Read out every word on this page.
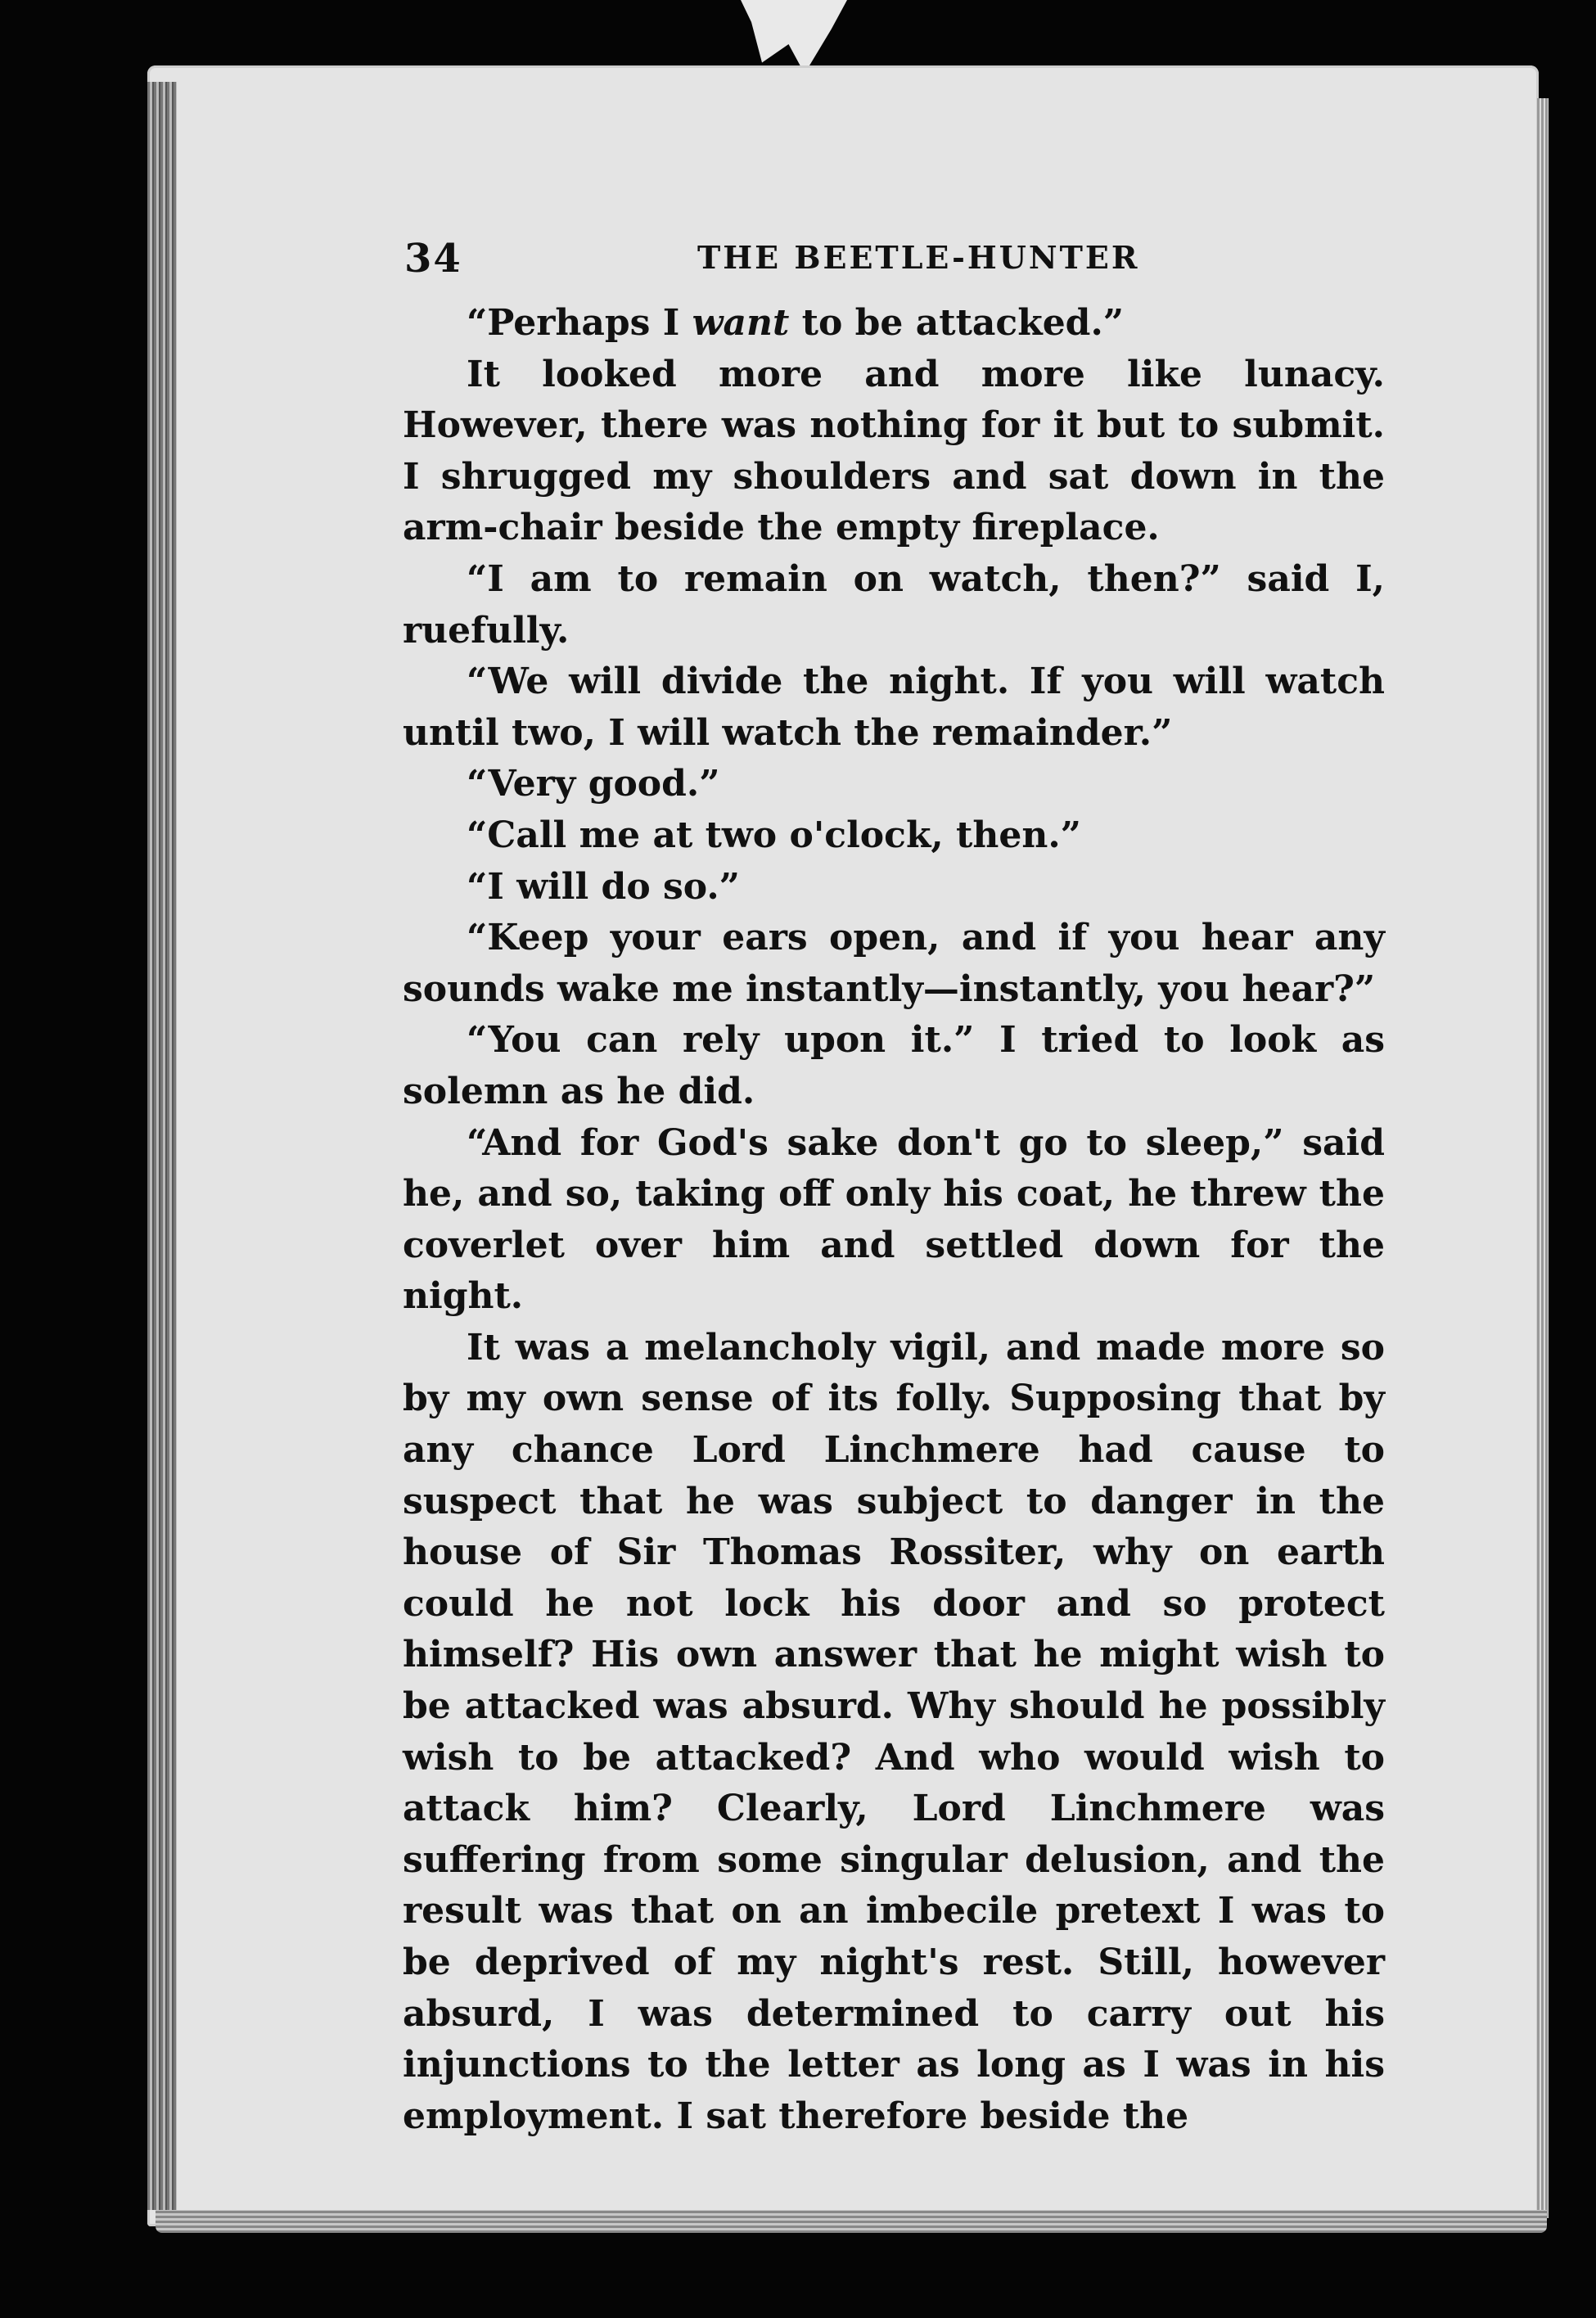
34	THE BEETLE-HUNTER

“Perhaps I want to be attacked.”

It looked more and more like lunacy. However, there was nothing for it but to submit. I shrugged my shoulders and sat down in the arm-chair beside the empty fireplace.

“I am to remain on watch, then?” said I, ruefully.

“We will divide the night. If you will watch until two, I will watch the remainder.”

“Very good.”

“Call me at two o'clock, then.”

“I will do so.”

“Keep your ears open, and if you hear any sounds wake me instantly—instantly, you hear?”

“You can rely upon it.” I tried to look as solemn as he did.

“And for God's sake don't go to sleep,” said he, and so, taking off only his coat, he threw the coverlet over him and settled down for the night.

It was a melancholy vigil, and made more so by my own sense of its folly. Supposing that by any chance Lord Linchmere had cause to suspect that he was subject to danger in the house of Sir Thomas Rossiter, why on earth could he not lock his door and so protect himself? His own answer that he might wish to be attacked was absurd. Why should he possibly wish to be attacked? And who would wish to attack him? Clearly, Lord Linchmere was suffering from some singular delusion, and the result was that on an imbecile pretext I was to be deprived of my night's rest. Still, however absurd, I was determined to carry out his injunctions to the letter as long as I was in his employment. I sat therefore beside the
